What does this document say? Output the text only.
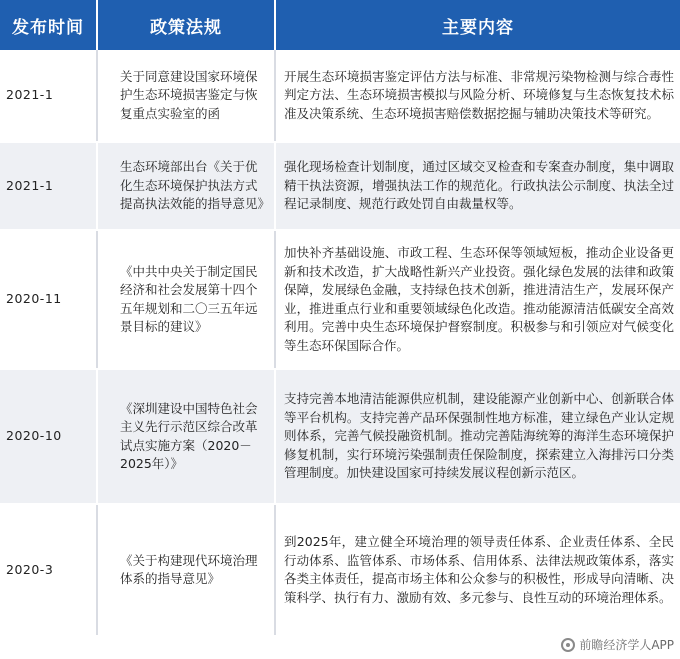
发布时间	政策法规	主要内容
2021-1
关于同意建设国家环境保护生态环境损害鉴定与恢复重点实验室的函
开展生态环境损害鉴定评估方法与标准、非常规污染物检测与综合毒性判定方法、生态环境损害模拟与风险分析、环境修复与生态恢复技术标准及决策系统、生态环境损害赔偿数据挖掘与辅助决策技术等研究。
2021-1
生态环境部出台《关于优化生态环境保护执法方式提高执法效能的指导意见》
强化现场检查计划制度，通过区域交叉检查和专案查办制度，集中调取精干执法资源，增强执法工作的规范化。行政执法公示制度、执法全过程记录制度、规范行政处罚自由裁量权等。
2020-11
《中共中央关于制定国民经济和社会发展第十四个五年规划和二〇三五年远景目标的建议》
加快补齐基础设施、市政工程、生态环保等领域短板，推动企业设备更新和技术改造，扩大战略性新兴产业投资。强化绿色发展的法律和政策保障，发展绿色金融，支持绿色技术创新，推进清洁生产，发展环保产业，推进重点行业和重要领域绿色化改造。推动能源清洁低碳安全高效利用。完善中央生态环境保护督察制度。积极参与和引领应对气候变化等生态环保国际合作。
2020-10
《深圳建设中国特色社会主义先行示范区综合改革试点实施方案（2020－2025年）》
支持完善本地清洁能源供应机制，建设能源产业创新中心、创新联合体等平台机构。支持完善产品环保强制性地方标准，建立绿色产业认定规则体系，完善气候投融资机制。推动完善陆海统筹的海洋生态环境保护修复机制，实行环境污染强制责任保险制度，探索建立入海排污口分类管理制度。加快建设国家可持续发展议程创新示范区。
2020-3
《关于构建现代环境治理体系的指导意见》
到2025年，建立健全环境治理的领导责任体系、企业责任体系、全民行动体系、监管体系、市场体系、信用体系、法律法规政策体系，落实各类主体责任，提高市场主体和公众参与的积极性，形成导向清晰、决策科学、执行有力、激励有效、多元参与、良性互动的环境治理体系。
前瞻经济学人APP
